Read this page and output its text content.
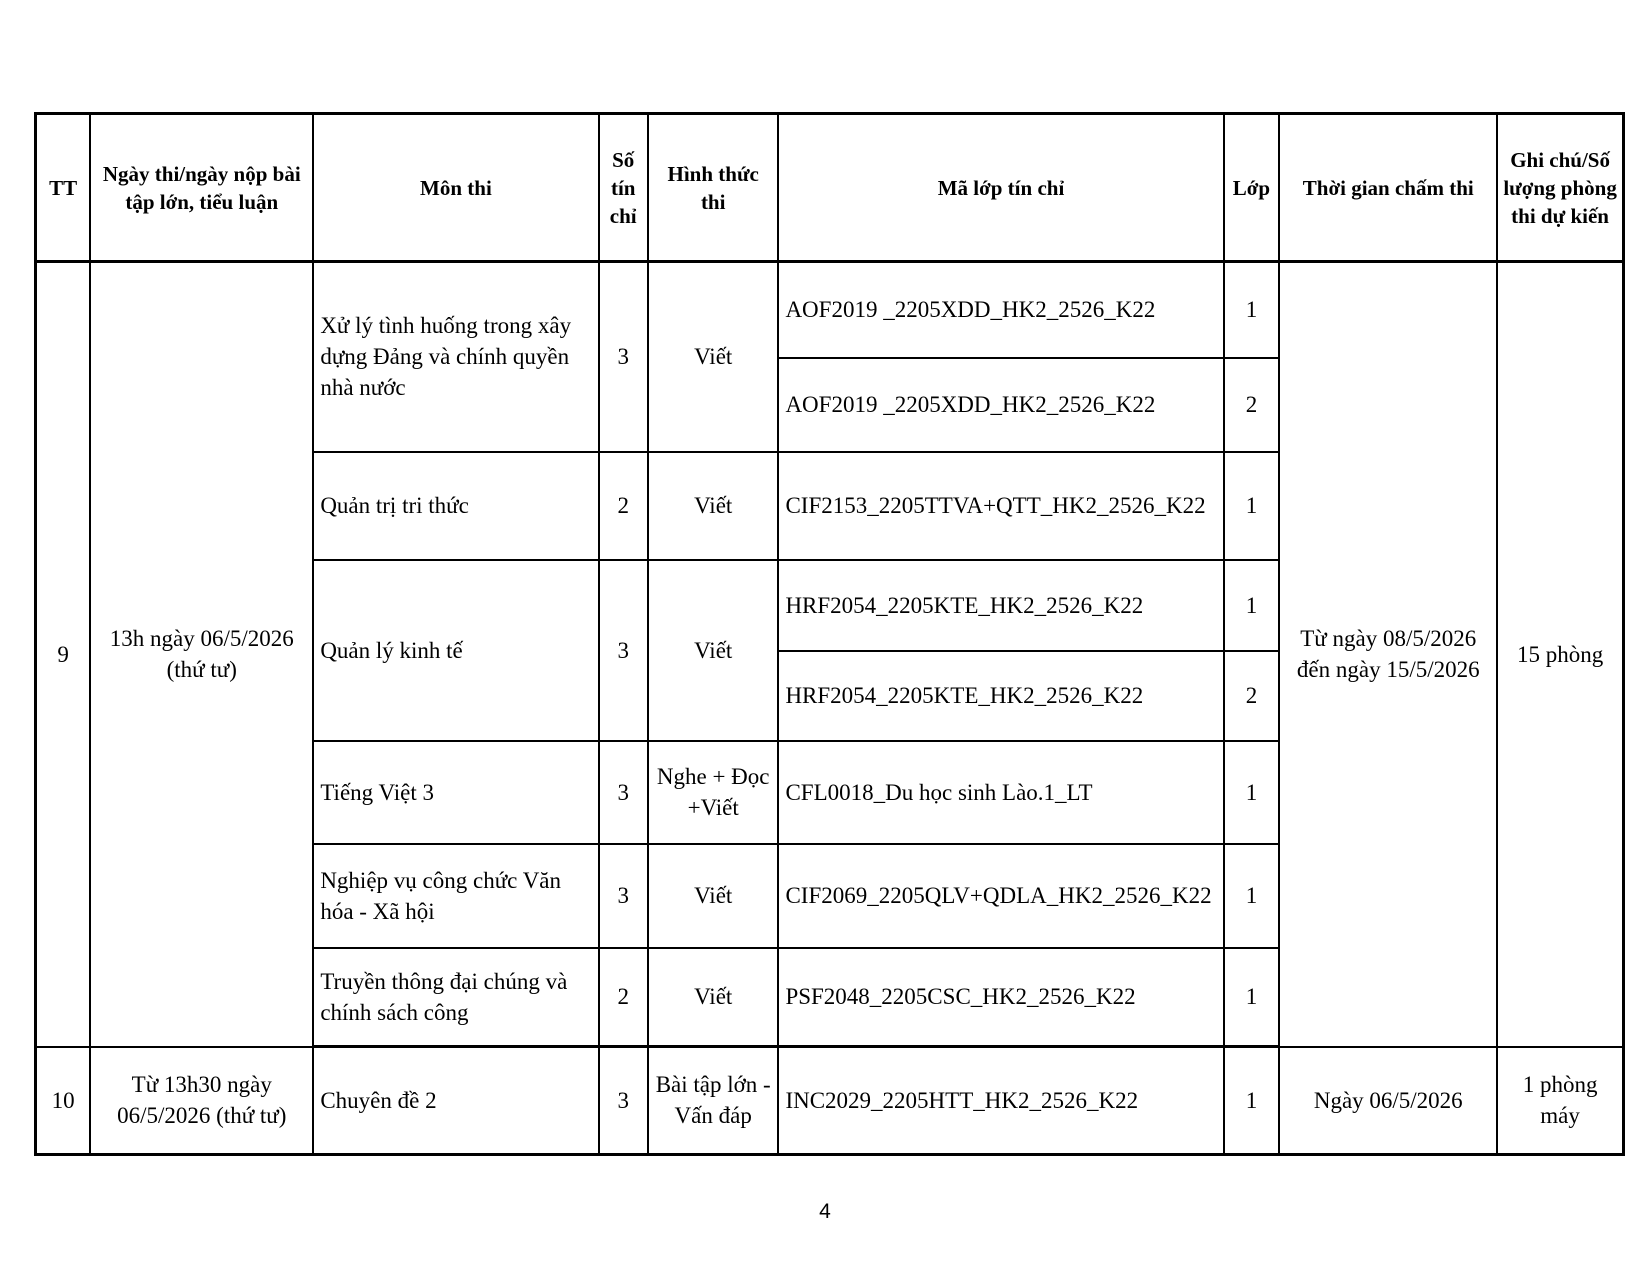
TT	Ngày thi/ngày nộp bài tập lớn, tiểu luận	Môn thi	Số tín chỉ	Hình thức thi	Mã lớp tín chỉ	Lớp	Thời gian chấm thi	Ghi chú/Số lượng phòng thi dự kiến
9	13h ngày 06/5/2026 (thứ tư)	Xử lý tình huống trong xây dựng Đảng và chính quyền nhà nước	3	Viết	AOF2019 _2205XDD_HK2_2526_K22	1	Từ ngày 08/5/2026 đến ngày 15/5/2026	15 phòng
					AOF2019 _2205XDD_HK2_2526_K22	2		
		Quản trị tri thức	2	Viết	CIF2153_2205TTVA+QTT_HK2_2526_K22	1		
		Quản lý kinh tế	3	Viết	HRF2054_2205KTE_HK2_2526_K22	1		
					HRF2054_2205KTE_HK2_2526_K22	2		
		Tiếng Việt 3	3	Nghe + Đọc +Viết	CFL0018_Du học sinh Lào.1_LT	1		
		Nghiệp vụ công chức Văn hóa - Xã hội	3	Viết	CIF2069_2205QLV+QDLA_HK2_2526_K22	1		
		Truyền thông đại chúng và chính sách công	2	Viết	PSF2048_2205CSC_HK2_2526_K22	1		

10	Từ 13h30 ngày 06/5/2026 (thứ tư)	Chuyên đề 2	3	Bài tập lớn - Vấn đáp	INC2029_2205HTT_HK2_2526_K22	1	Ngày 06/5/2026	1 phòng máy
4
